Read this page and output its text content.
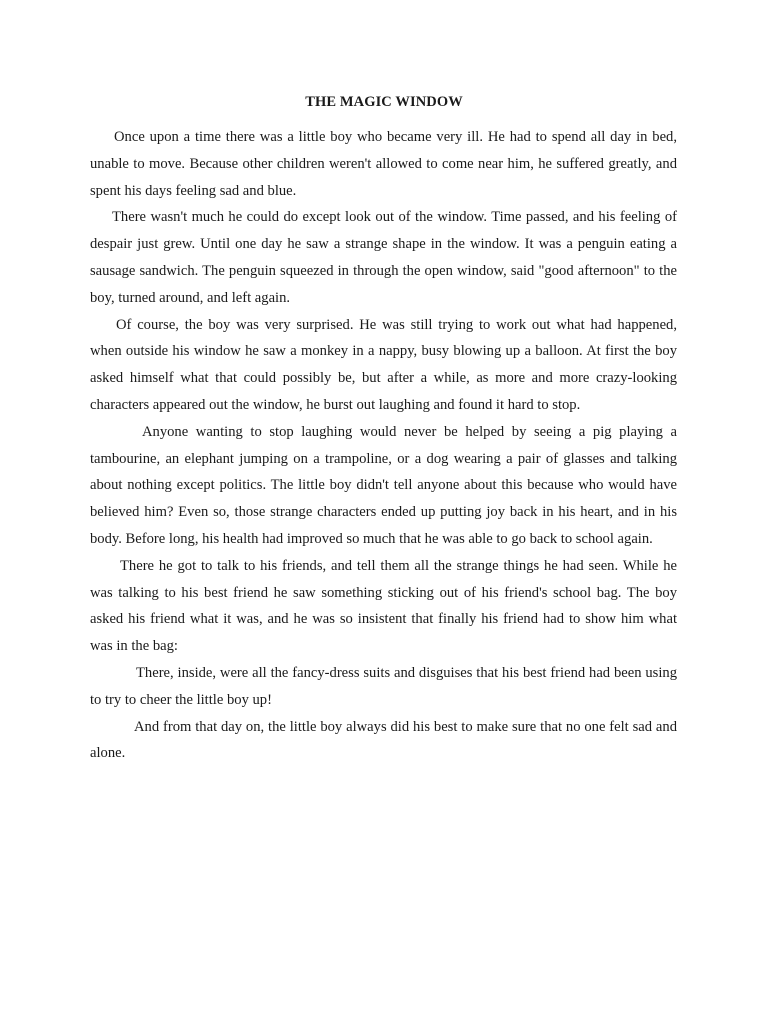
THE MAGIC WINDOW

Once upon a time there was a little boy who became very ill. He had to spend all day in bed, unable to move. Because other children weren't allowed to come near him, he suffered greatly, and spent his days feeling sad and blue.

There wasn't much he could do except look out of the window. Time passed, and his feeling of despair just grew. Until one day he saw a strange shape in the window. It was a penguin eating a sausage sandwich. The penguin squeezed in through the open window, said "good afternoon" to the boy, turned around, and left again.

Of course, the boy was very surprised. He was still trying to work out what had happened, when outside his window he saw a monkey in a nappy, busy blowing up a balloon. At first the boy asked himself what that could possibly be, but after a while, as more and more crazy-looking characters appeared out the window, he burst out laughing and found it hard to stop.

Anyone wanting to stop laughing would never be helped by seeing a pig playing a tambourine, an elephant jumping on a trampoline, or a dog wearing a pair of glasses and talking about nothing except politics. The little boy didn't tell anyone about this because who would have believed him? Even so, those strange characters ended up putting joy back in his heart, and in his body. Before long, his health had improved so much that he was able to go back to school again.

There he got to talk to his friends, and tell them all the strange things he had seen. While he was talking to his best friend he saw something sticking out of his friend's school bag. The boy asked his friend what it was, and he was so insistent that finally his friend had to show him what was in the bag:

There, inside, were all the fancy-dress suits and disguises that his best friend had been using to try to cheer the little boy up!

And from that day on, the little boy always did his best to make sure that no one felt sad and alone.
